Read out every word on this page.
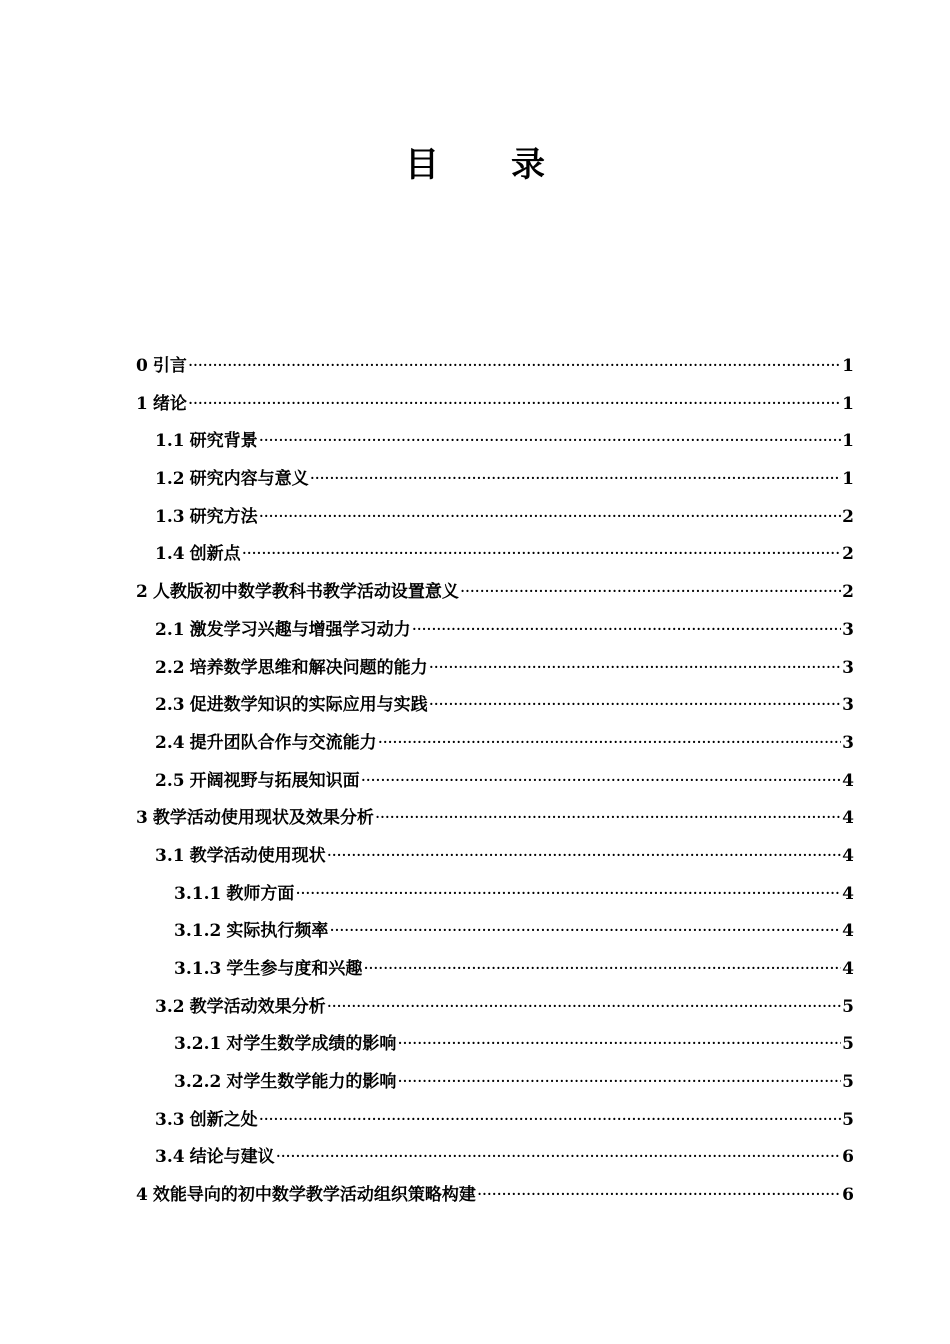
目 录
0 引言 ·····	1
1 绪论 ·····	1
1.1 研究背景 ·····	1
1.2 研究内容与意义 ·····	1
1.3 研究方法 ·····	2
1.4 创新点 ·····	2
2 人教版初中数学教科书教学活动设置意义 ·····	2
2.1 激发学习兴趣与增强学习动力 ·····	3
2.2 培养数学思维和解决问题的能力 ·····	3
2.3 促进数学知识的实际应用与实践 ·····	3
2.4 提升团队合作与交流能力 ·····	3
2.5 开阔视野与拓展知识面 ·····	4
3 教学活动使用现状及效果分析 ·····	4
3.1 教学活动使用现状 ·····	4
3.1.1 教师方面 ·····	4
3.1.2 实际执行频率 ·····	4
3.1.3 学生参与度和兴趣 ·····	4
3.2 教学活动效果分析 ·····	5
3.2.1 对学生数学成绩的影响 ·····	5
3.2.2 对学生数学能力的影响 ·····	5
3.3 创新之处 ·····	5
3.4 结论与建议 ·····	6
4 效能导向的初中数学教学活动组织策略构建 ·····	6
